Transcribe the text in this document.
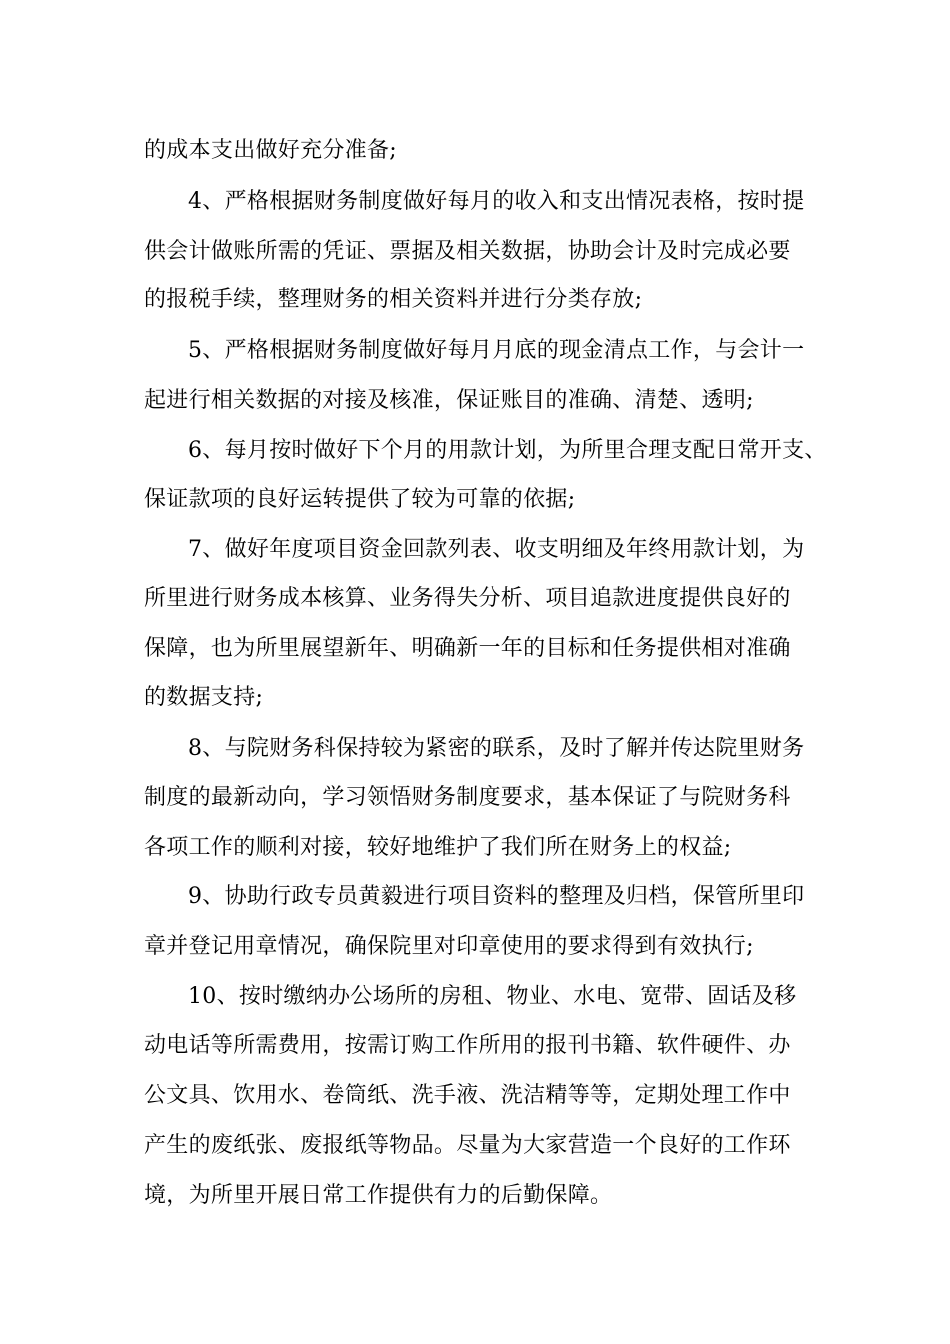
的成本支出做好充分准备;
4、严格根据财务制度做好每月的收入和支出情况表格，按时提
供会计做账所需的凭证、票据及相关数据，协助会计及时完成必要
的报税手续，整理财务的相关资料并进行分类存放;
5、严格根据财务制度做好每月月底的现金清点工作，与会计一
起进行相关数据的对接及核准，保证账目的准确、清楚、透明;
6、每月按时做好下个月的用款计划，为所里合理支配日常开支、
保证款项的良好运转提供了较为可靠的依据;
7、做好年度项目资金回款列表、收支明细及年终用款计划，为
所里进行财务成本核算、业务得失分析、项目追款进度提供良好的
保障，也为所里展望新年、明确新一年的目标和任务提供相对准确
的数据支持;
8、与院财务科保持较为紧密的联系，及时了解并传达院里财务
制度的最新动向，学习领悟财务制度要求，基本保证了与院财务科
各项工作的顺利对接，较好地维护了我们所在财务上的权益;
9、协助行政专员黄毅进行项目资料的整理及归档，保管所里印
章并登记用章情况，确保院里对印章使用的要求得到有效执行;
10、按时缴纳办公场所的房租、物业、水电、宽带、固话及移
动电话等所需费用，按需订购工作所用的报刊书籍、软件硬件、办
公文具、饮用水、卷筒纸、洗手液、洗洁精等等，定期处理工作中
产生的废纸张、废报纸等物品。尽量为大家营造一个良好的工作环
境，为所里开展日常工作提供有力的后勤保障。
